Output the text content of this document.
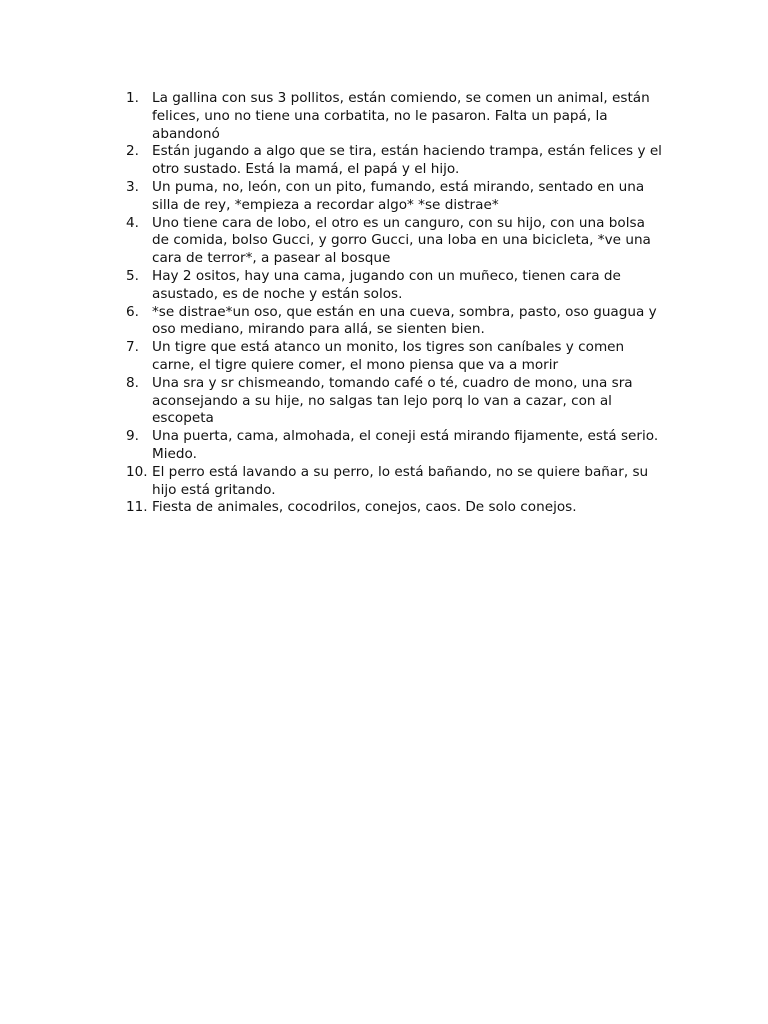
1. La gallina con sus 3 pollitos, están comiendo, se comen un animal, están felices, uno no tiene una corbatita, no le pasaron. Falta un papá, la abandonó
2. Están jugando a algo que se tira, están haciendo trampa, están felices y el otro sustado. Está la mamá, el papá y el hijo.
3. Un puma, no, león, con un pito, fumando, está mirando, sentado en una silla de rey, *empieza a recordar algo* *se distrae*
4. Uno tiene cara de lobo, el otro es un canguro, con su hijo, con una bolsa de comida, bolso Gucci, y gorro Gucci, una loba en una bicicleta, *ve una cara de terror*, a pasear al bosque
5. Hay 2 ositos, hay una cama, jugando con un muñeco, tienen cara de asustado, es de noche y están solos.
6. *se distrae*un oso, que están en una cueva, sombra, pasto, oso guagua y oso mediano, mirando para allá, se sienten bien.
7. Un tigre que está atanco un monito, los tigres son caníbales y comen carne, el tigre quiere comer, el mono piensa que va a morir
8. Una sra y sr chismeando, tomando café o té, cuadro de mono, una sra aconsejando a su hije, no salgas tan lejo porq lo van a cazar, con al escopeta
9. Una puerta, cama, almohada, el coneji está mirando fijamente, está serio. Miedo.
10. El perro está lavando a su perro, lo está bañando, no se quiere bañar, su hijo está gritando.
11. Fiesta de animales, cocodrilos, conejos, caos. De solo conejos.
